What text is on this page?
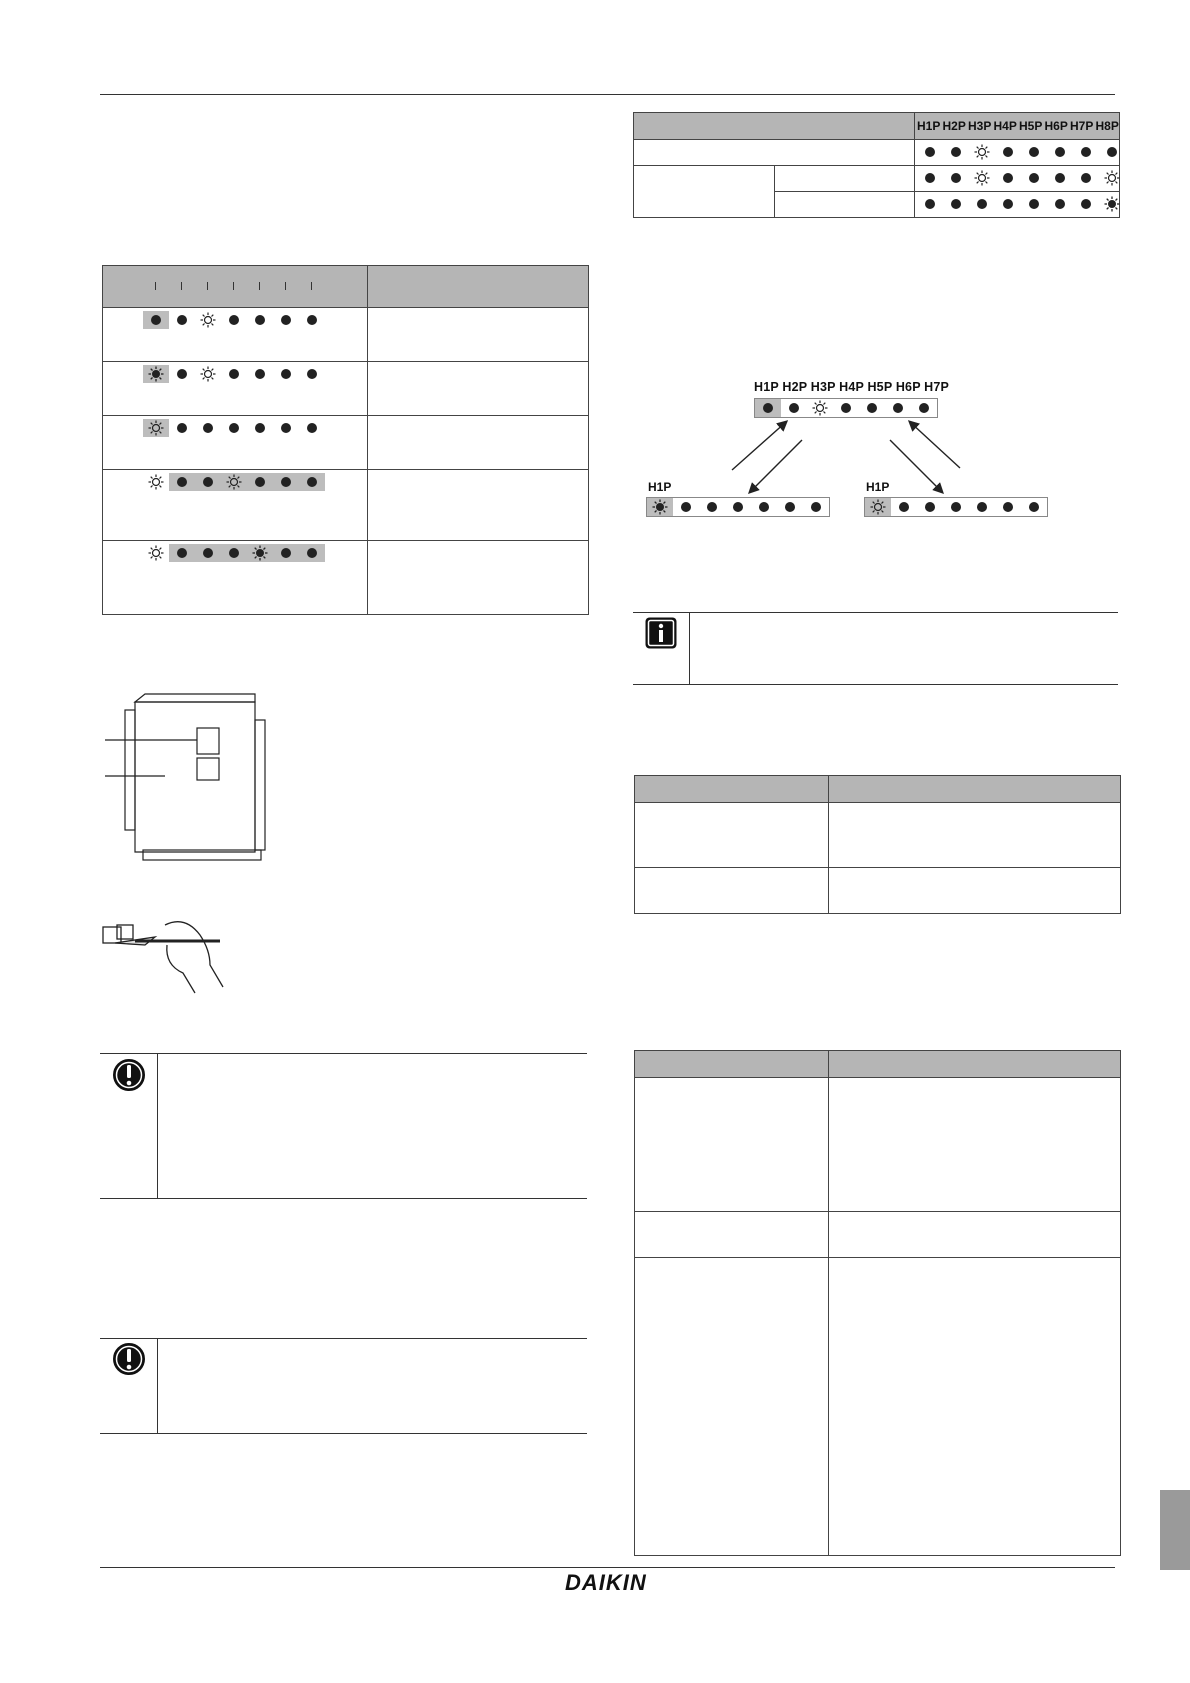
H1P H2P H3P H4P H5P H6P H7P H8P
H1P H2P H3P H4P H5P H6P H7P
H1P	H1P
DAIKIN
